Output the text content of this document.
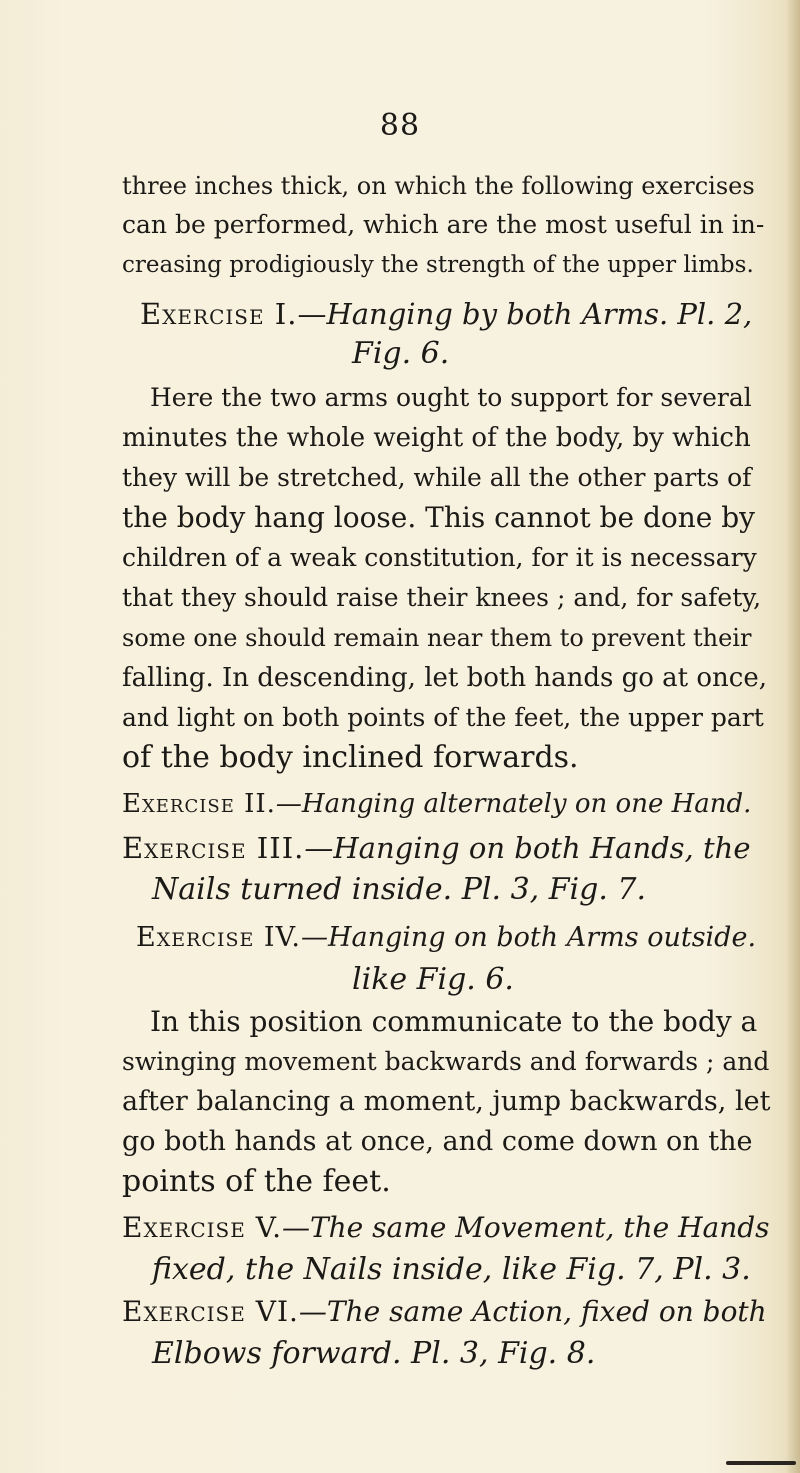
88
three inches thick, on which the following exercises
can be performed, which are the most useful in in-
creasing prodigiously the strength of the upper limbs.
Exercise I.—Hanging by both Arms. Pl. 2,
Fig. 6.
Here the two arms ought to support for several
minutes the whole weight of the body, by which
they will be stretched, while all the other parts of
the body hang loose. This cannot be done by
children of a weak constitution, for it is necessary
that they should raise their knees ; and, for safety,
some one should remain near them to prevent their
falling. In descending, let both hands go at once,
and light on both points of the feet, the upper part
of the body inclined forwards.
Exercise II.—Hanging alternately on one Hand.
Exercise III.—Hanging on both Hands, the
Nails turned inside. Pl. 3, Fig. 7.
Exercise IV.—Hanging on both Arms outside.
like Fig. 6.
In this position communicate to the body a
swinging movement backwards and forwards ; and
after balancing a moment, jump backwards, let
go both hands at once, and come down on the
points of the feet.
Exercise V.—The same Movement, the Hands
fixed, the Nails inside, like Fig. 7, Pl. 3.
Exercise VI.—The same Action, fixed on both
Elbows forward. Pl. 3, Fig. 8.
